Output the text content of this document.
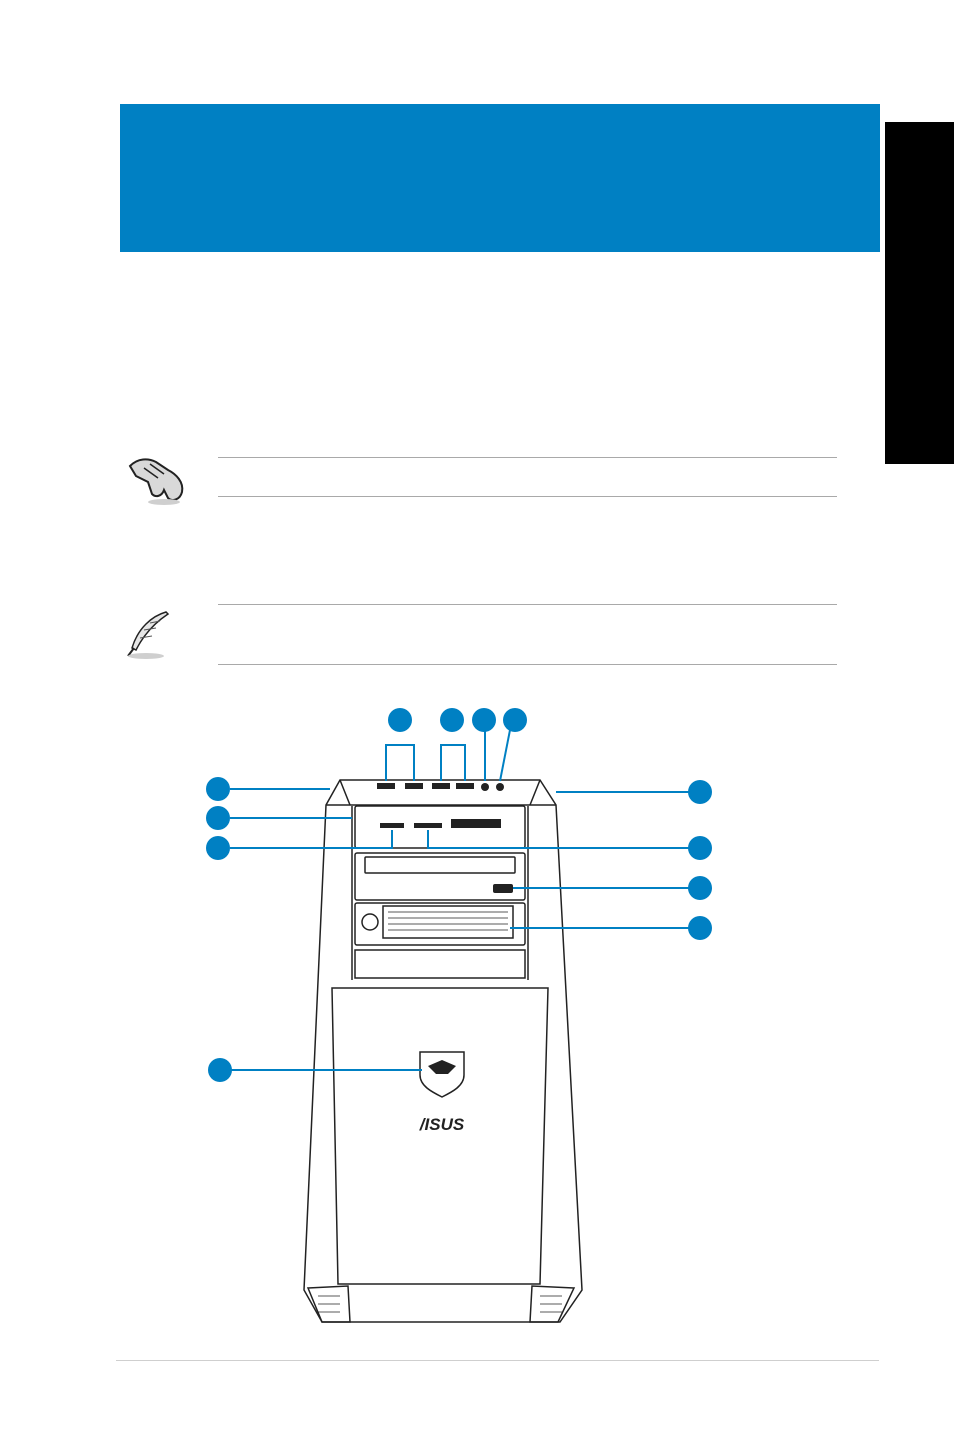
/ISUS
